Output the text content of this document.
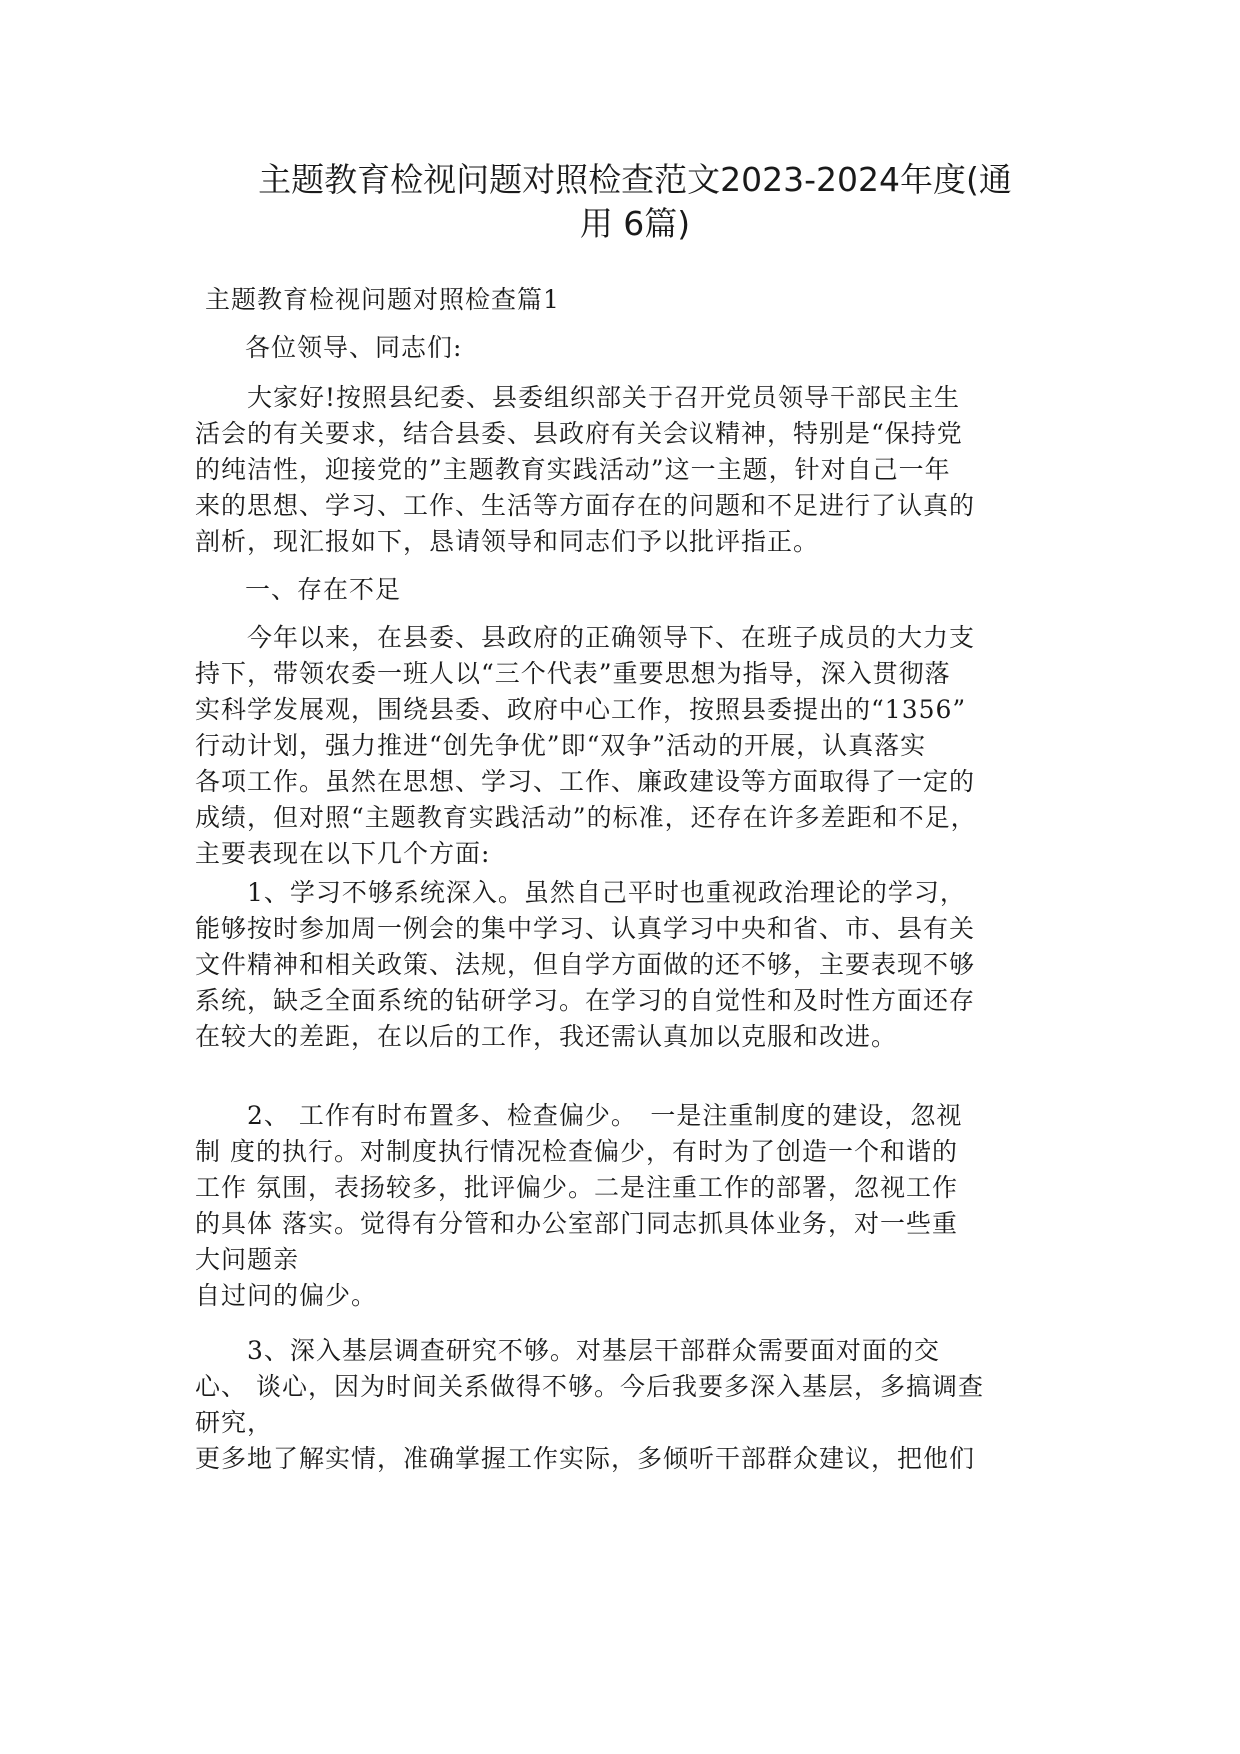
主题教育检视问题对照检查范文2023-2024年度(通
用 6篇)

主题教育检视问题对照检查篇1

各位领导、同志们:

　　大家好!按照县纪委、县委组织部关于召开党员领导干部民主生
活会的有关要求，结合县委、县政府有关会议精神，特别是“保持党
的纯洁性，迎接党的”主题教育实践活动”这一主题，针对自己一年
来的思想、学习、工作、生活等方面存在的问题和不足进行了认真的
剖析，现汇报如下，恳请领导和同志们予以批评指正。

一、存在不足

　　今年以来，在县委、县政府的正确领导下、在班子成员的大力支
持下，带领农委一班人以“三个代表”重要思想为指导，深入贯彻落
实科学发展观，围绕县委、政府中心工作，按照县委提出的“1356”
行动计划，强力推进“创先争优”即“双争”活动的开展，认真落实
各项工作。虽然在思想、学习、工作、廉政建设等方面取得了一定的
成绩，但对照“主题教育实践活动”的标准，还存在许多差距和不足，
主要表现在以下几个方面:

　　1、学习不够系统深入。虽然自己平时也重视政治理论的学习，
能够按时参加周一例会的集中学习、认真学习中央和省、市、县有关
文件精神和相关政策、法规，但自学方面做的还不够，主要表现不够
系统，缺乏全面系统的钻研学习。在学习的自觉性和及时性方面还存
在较大的差距，在以后的工作，我还需认真加以克服和改进。

　　2、 工作有时布置多、检查偏少。　一是注重制度的建设，忽视
制 度的执行。对制度执行情况检查偏少，有时为了创造一个和谐的
工作 氛围，表扬较多，批评偏少。二是注重工作的部署，忽视工作
的具体 落实。觉得有分管和办公室部门同志抓具体业务，对一些重
大问题亲
自过问的偏少。

　　3、深入基层调查研究不够。对基层干部群众需要面对面的交
心、 谈心，因为时间关系做得不够。今后我要多深入基层，多搞调查
研究，
更多地了解实情，准确掌握工作实际，多倾听干部群众建议，把他们
